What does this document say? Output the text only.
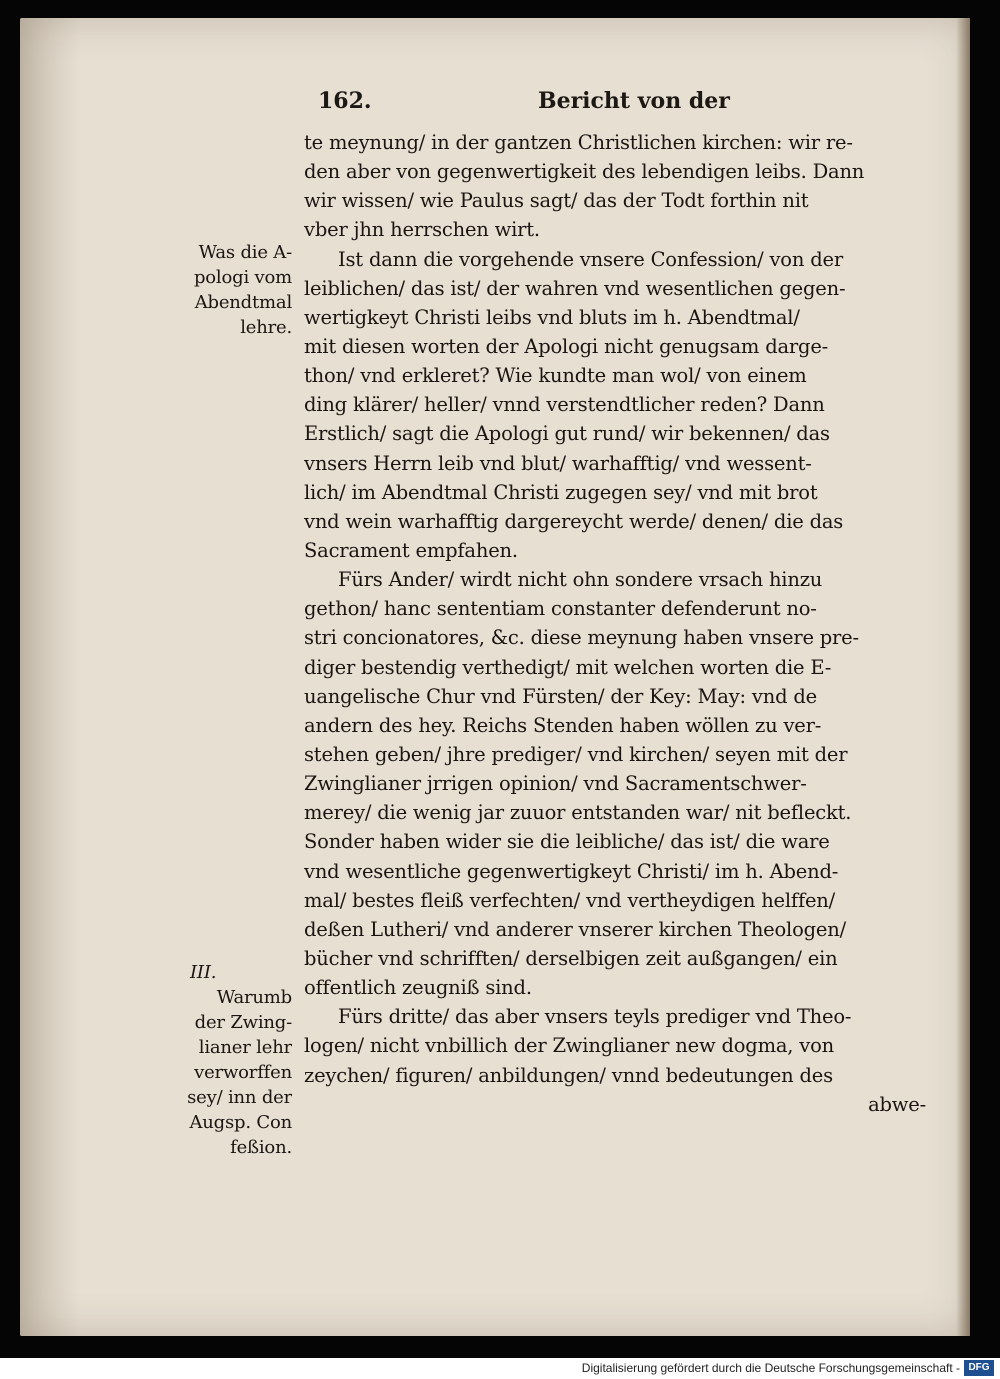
162.	Bericht von der
Was die A-
pologi vom
Abendtmal
lehre.
III.
Warumb
der Zwing-
lianer lehr
verworffen
sey/ inn der
Augsp. Con
feßion.
te meynung/ in der gantzen Christlichen kirchen: wir re-
den aber von gegenwertigkeit des lebendigen leibs. Dann
wir wissen/ wie Paulus sagt/ das der Todt forthin nit
vber jhn herrschen wirt.
Ist dann die vorgehende vnsere Confession/ von der
leiblichen/ das ist/ der wahren vnd wesentlichen gegen-
wertigkeyt Christi leibs vnd bluts im h. Abendtmal/
mit diesen worten der Apologi nicht genugsam darge-
thon/ vnd erkleret? Wie kundte man wol/ von einem
ding klärer/ heller/ vnnd verstendtlicher reden? Dann
Erstlich/ sagt die Apologi gut rund/ wir bekennen/ das
vnsers Herrn leib vnd blut/ warhafftig/ vnd wessent-
lich/ im Abendtmal Christi zugegen sey/ vnd mit brot
vnd wein warhafftig dargereycht werde/ denen/ die das
Sacrament empfahen.
Fürs Ander/ wirdt nicht ohn sondere vrsach hinzu
gethon/ hanc sententiam constanter defenderunt no-
stri concionatores, &c. diese meynung haben vnsere pre-
diger bestendig verthedigt/ mit welchen worten die E-
uangelische Chur vnd Fürsten/ der Key: May: vnd de
andern des hey. Reichs Stenden haben wöllen zu ver-
stehen geben/ jhre prediger/ vnd kirchen/ seyen mit der
Zwinglianer jrrigen opinion/ vnd Sacramentschwer-
merey/ die wenig jar zuuor entstanden war/ nit befleckt.
Sonder haben wider sie die leibliche/ das ist/ die ware
vnd wesentliche gegenwertigkeyt Christi/ im h. Abend-
mal/ bestes fleiß verfechten/ vnd vertheydigen helffen/
deßen Lutheri/ vnd anderer vnserer kirchen Theologen/
bücher vnd schrifften/ derselbigen zeit außgangen/ ein
offentlich zeugniß sind.
Fürs dritte/ das aber vnsers teyls prediger vnd Theo-
logen/ nicht vnbillich der Zwinglianer new dogma, von
zeychen/ figuren/ anbildungen/ vnnd bedeutungen des
abwe-
Digitalisierung gefördert durch die Deutsche Forschungsgemeinschaft - DFG
